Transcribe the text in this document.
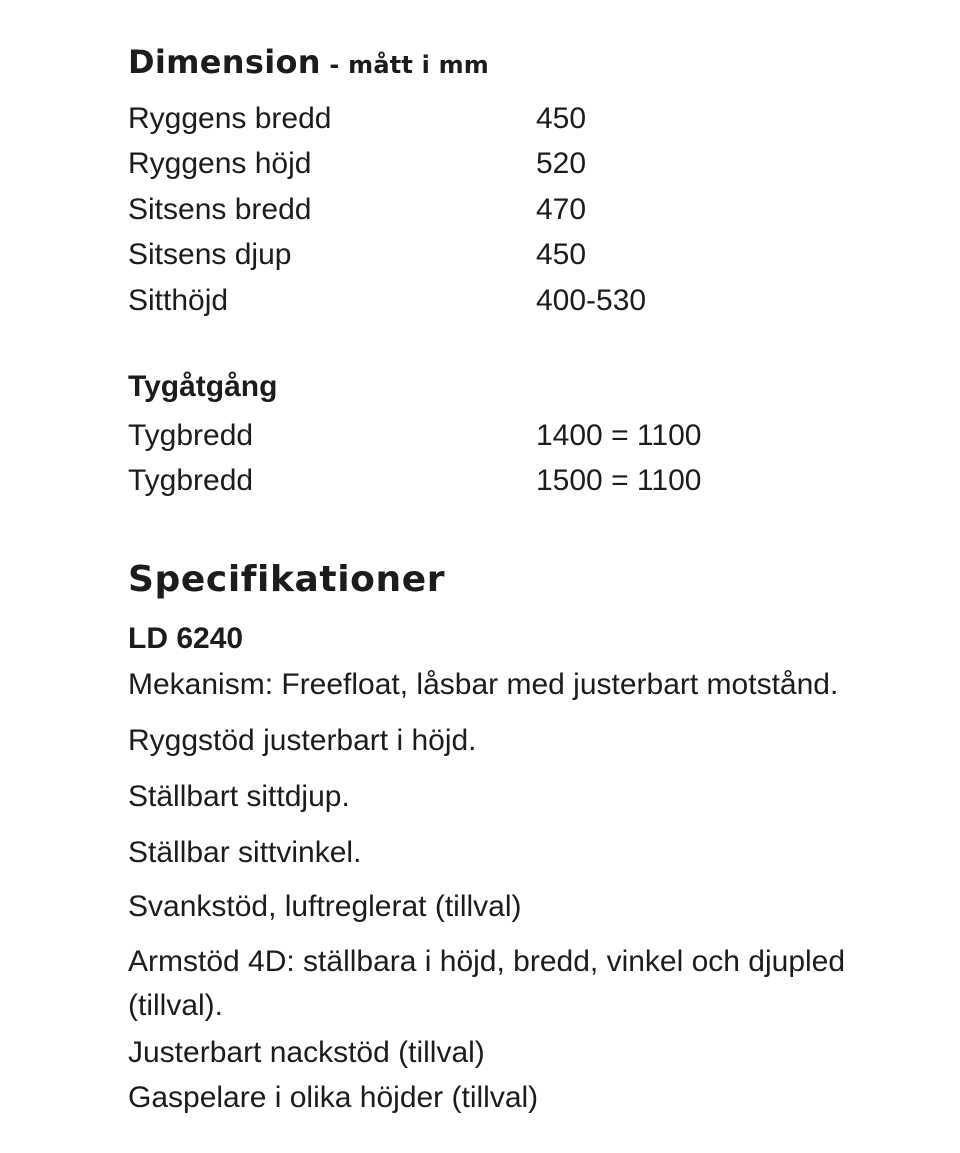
Dimension - mått i mm
Ryggens bredd	450
Ryggens höjd	520
Sitsens bredd	470
Sitsens djup	450
Sitthöjd	400-530
Tygåtgång
Tygbredd	1400 = 1100
Tygbredd	1500 = 1100
Specifikationer
LD 6240
Mekanism: Freefloat, låsbar med justerbart motstånd.
Ryggstöd justerbart i höjd.
Ställbart sittdjup.
Ställbar sittvinkel.
Svankstöd, luftreglerat (tillval)
Armstöd 4D: ställbara i höjd, bredd, vinkel och djupled (tillval).
Justerbart nackstöd (tillval)
Gaspelare i olika höjder (tillval)
